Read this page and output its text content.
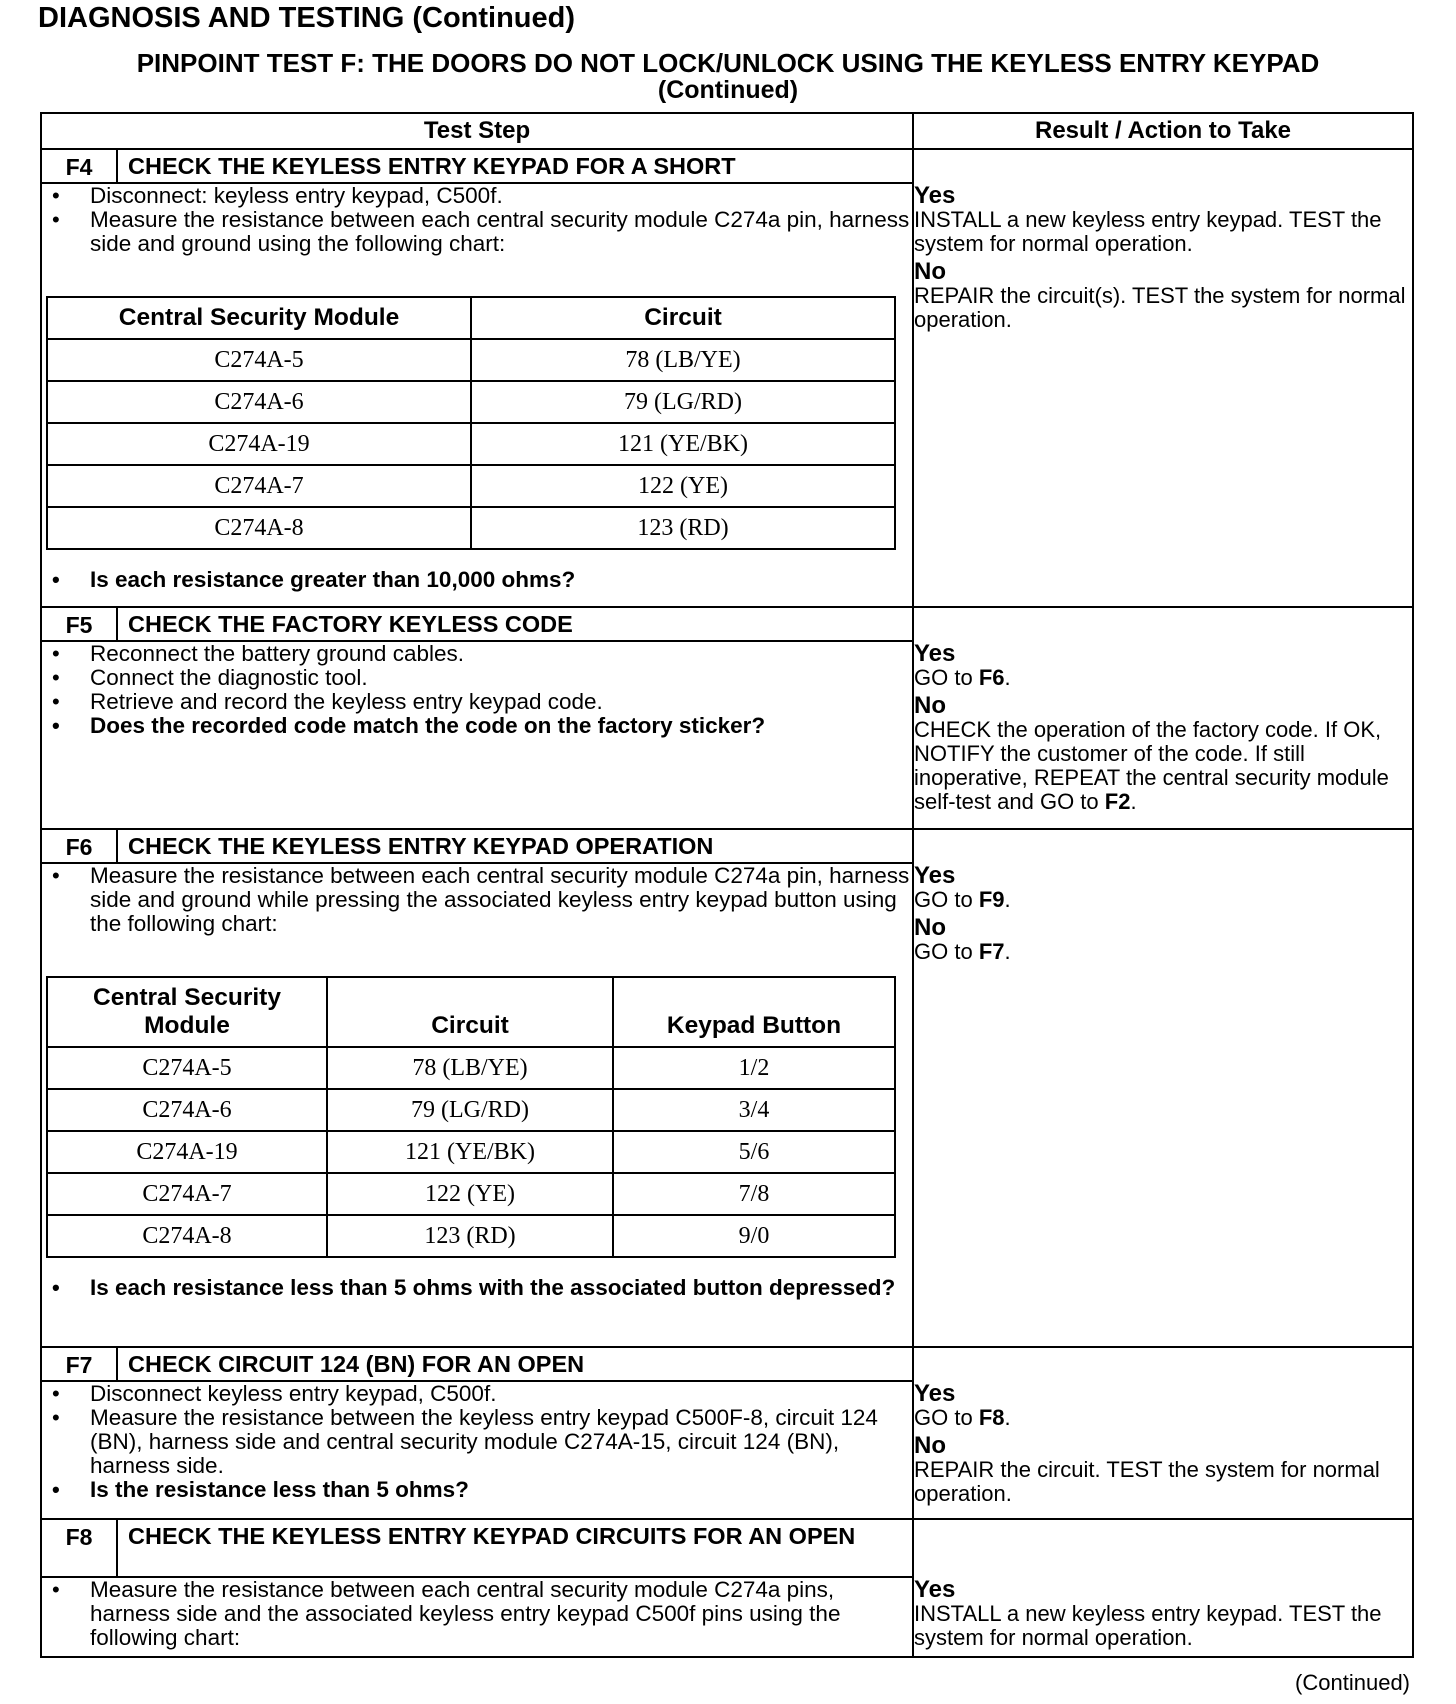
DIAGNOSIS AND TESTING (Continued)
PINPOINT TEST F: THE DOORS DO NOT LOCK/UNLOCK USING THE KEYLESS ENTRY KEYPAD
(Continued)
Test Step	Result / Action to Take
F4	CHECK THE KEYLESS ENTRY KEYPAD FOR A SHORT	
Yes
INSTALL a new keyless entry keypad. TEST the system for normal operation.
No
REPAIR the circuit(s). TEST the system for normal operation.

• Disconnect: keyless entry keypad, C500f.
• Measure the resistance between each central security module C274a pin, harness side and ground using the following chart:
Central Security Module	Circuit
C274A-5	78 (LB/YE)
C274A-6	79 (LG/RD)
C274A-19	121 (YE/BK)
C274A-7	122 (YE)
C274A-8	123 (RD)
• Is each resistance greater than 10,000 ohms?

F5	CHECK THE FACTORY KEYLESS CODE	
Yes
GO to F6.
No
CHECK the operation of the factory code. If OK, NOTIFY the customer of the code. If still inoperative, REPEAT the central security module self-test and GO to F2.

• Reconnect the battery ground cables.
• Connect the diagnostic tool.
• Retrieve and record the keyless entry keypad code.
• Does the recorded code match the code on the factory sticker?

F6	CHECK THE KEYLESS ENTRY KEYPAD OPERATION	
Yes
GO to F9.
No
GO to F7.

• Measure the resistance between each central security module C274a pin, harness side and ground while pressing the associated keyless entry keypad button using the following chart:
Central Security Module	Circuit	Keypad Button
C274A-5	78 (LB/YE)	1/2
C274A-6	79 (LG/RD)	3/4
C274A-19	121 (YE/BK)	5/6
C274A-7	122 (YE)	7/8
C274A-8	123 (RD)	9/0
• Is each resistance less than 5 ohms with the associated button depressed?

F7	CHECK CIRCUIT 124 (BN) FOR AN OPEN	
Yes
GO to F8.
No
REPAIR the circuit. TEST the system for normal operation.

• Disconnect keyless entry keypad, C500f.
• Measure the resistance between the keyless entry keypad C500F-8, circuit 124 (BN), harness side and central security module C274A-15, circuit 124 (BN), harness side.
• Is the resistance less than 5 ohms?

F8	CHECK THE KEYLESS ENTRY KEYPAD CIRCUITS FOR AN OPEN	
Yes
INSTALL a new keyless entry keypad. TEST the system for normal operation.

• Measure the resistance between each central security module C274a pins, harness side and the associated keyless entry keypad C500f pins using the following chart:
(Continued)
